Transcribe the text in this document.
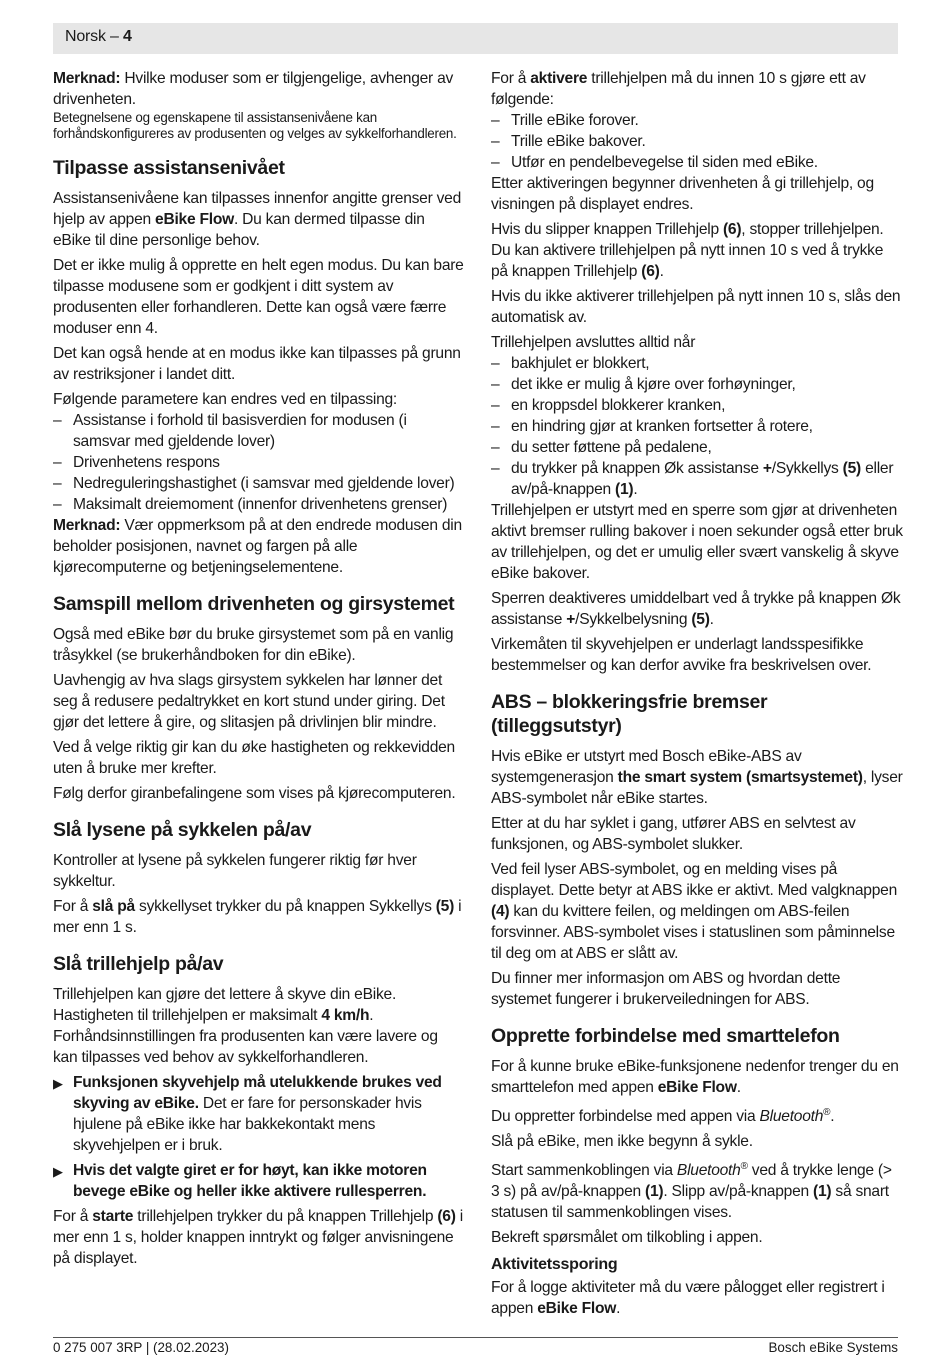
Norsk – 4

Merknad: Hvilke moduser som er tilgjengelige, avhenger av drivenheten.

Betegnelsene og egenskapene til assistansenivåene kan forhåndskonfigureres av produsenten og velges av sykkelforhandleren.

Tilpasse assistansenivået

Assistansenivåene kan tilpasses innenfor angitte grenser ved hjelp av appen eBike Flow. Du kan dermed tilpasse din eBike til dine personlige behov.

Det er ikke mulig å opprette en helt egen modus. Du kan bare tilpasse modusene som er godkjent i ditt system av produsenten eller forhandleren. Dette kan også være færre moduser enn 4.

Det kan også hende at en modus ikke kan tilpasses på grunn av restriksjoner i landet ditt.

Følgende parametere kan endres ved en tilpassing:

– Assistanse i forhold til basisverdien for modusen (i samsvar med gjeldende lover)
– Drivenhetens respons
– Nedreguleringshastighet (i samsvar med gjeldende lover)
– Maksimalt dreiemoment (innenfor drivenhetens grenser)

Merknad: Vær oppmerksom på at den endrede modusen din beholder posisjonen, navnet og fargen på alle kjørecomputerne og betjeningselementene.

Samspill mellom drivenheten og girsystemet

Også med eBike bør du bruke girsystemet som på en vanlig tråsykkel (se brukerhåndboken for din eBike).

Uavhengig av hva slags girsystem sykkelen har lønner det seg å redusere pedaltrykket en kort stund under giring. Det gjør det lettere å gire, og slitasjen på drivlinjen blir mindre.

Ved å velge riktig gir kan du øke hastigheten og rekkevidden uten å bruke mer krefter.

Følg derfor giranbefalingene som vises på kjørecomputeren.

Slå lysene på sykkelen på/av

Kontroller at lysene på sykkelen fungerer riktig før hver sykkeltur.

For å slå på sykkellyset trykker du på knappen Sykkellys (5) i mer enn 1 s.

Slå trillehjelp på/av

Trillehjelpen kan gjøre det lettere å skyve din eBike. Hastigheten til trillehjelpen er maksimalt 4 km/h. Forhåndsinnstillingen fra produsenten kan være lavere og kan tilpasses ved behov av sykkelforhandleren.

▶ Funksjonen skyvehjelp må utelukkende brukes ved skyving av eBike. Det er fare for personskader hvis hjulene på eBike ikke har bakkekontakt mens skyvehjelpen er i bruk.
▶ Hvis det valgte giret er for høyt, kan ikke motoren bevege eBike og heller ikke aktivere rullesperren.

For å starte trillehjelpen trykker du på knappen Trillehjelp (6) i mer enn 1 s, holder knappen inntrykt og følger anvisningene på displayet.

For å aktivere trillehjelpen må du innen 10 s gjøre ett av følgende:

– Trille eBike forover.
– Trille eBike bakover.
– Utfør en pendelbevegelse til siden med eBike.

Etter aktiveringen begynner drivenheten å gi trillehjelp, og visningen på displayet endres.

Hvis du slipper knappen Trillehjelp (6), stopper trillehjelpen. Du kan aktivere trillehjelpen på nytt innen 10 s ved å trykke på knappen Trillehjelp (6).

Hvis du ikke aktiverer trillehjelpen på nytt innen 10 s, slås den automatisk av.

Trillehjelpen avsluttes alltid når

– bakhjulet er blokkert,
– det ikke er mulig å kjøre over forhøyninger,
– en kroppsdel blokkerer kranken,
– en hindring gjør at kranken fortsetter å rotere,
– du setter føttene på pedalene,
– du trykker på knappen Øk assistanse +/Sykkellys (5) eller av/på-knappen (1).

Trillehjelpen er utstyrt med en sperre som gjør at drivenheten aktivt bremser rulling bakover i noen sekunder også etter bruk av trillehjelpen, og det er umulig eller svært vanskelig å skyve eBike bakover.

Sperren deaktiveres umiddelbart ved å trykke på knappen Øk assistanse +/Sykkelbelysning (5).

Virkemåten til skyvehjelpen er underlagt landsspesifikke bestemmelser og kan derfor avvike fra beskrivelsen over.

ABS – blokkeringsfrie bremser (tilleggsutstyr)

Hvis eBike er utstyrt med Bosch eBike-ABS av systemgenerasjon the smart system (smartsystemet), lyser ABS-symbolet når eBike startes.

Etter at du har syklet i gang, utfører ABS en selvtest av funksjonen, og ABS-symbolet slukker.

Ved feil lyser ABS-symbolet, og en melding vises på displayet. Dette betyr at ABS ikke er aktivt. Med valgknappen (4) kan du kvittere feilen, og meldingen om ABS-feilen forsvinner. ABS-symbolet vises i statuslinen som påminnelse til deg om at ABS er slått av.

Du finner mer informasjon om ABS og hvordan dette systemet fungerer i brukerveiledningen for ABS.

Opprette forbindelse med smarttelefon

For å kunne bruke eBike-funksjonene nedenfor trenger du en smarttelefon med appen eBike Flow.

Du oppretter forbindelse med appen via Bluetooth®.

Slå på eBike, men ikke begynn å sykle.

Start sammenkoblingen via Bluetooth® ved å trykke lenge (> 3 s) på av/på-knappen (1). Slipp av/på-knappen (1) så snart statusen til sammenkoblingen vises.

Bekreft spørsmålet om tilkobling i appen.

Aktivitetssporing

For å logge aktiviteter må du være pålogget eller registrert i appen eBike Flow.

0 275 007 3RP | (28.02.2023)	Bosch eBike Systems
